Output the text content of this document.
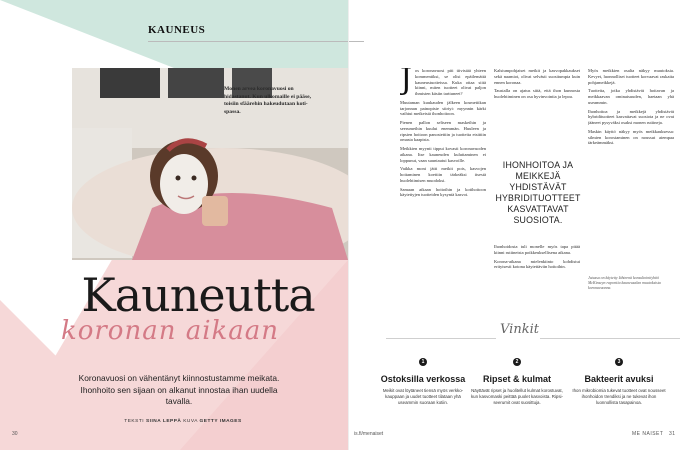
KAUNEUS
Monen arvea koronavuosi on hidastanut. Kun ulkomaille ei pääse, toisiin sfäärehin hakeudutaan koti-spassa.
Kauneutta
koronan aikaan
Koronavuosi on vähentänyt kiinnostustamme meikata. Ihonhoito sen sijaan on alkanut innostaa ihan uudella tavalla.
TEKSTI SIINA LEPPÄ KUVA GETTY IMAGES
30
J os koronavuosi piti tiivistää yhteen kommentiksi, se olisi epäilemättä kauneustuotteissa. Kuka ottaa siitä kiinni, miten tuotteet olivat paljon ihmisten käsiin tarttuneet?

Muutaman kuukauden jälkeen kosmetiikan tarjonnan painopiste siirtyi: myynnin kärki vaihtui meikeistä ihonhoitoon.

Pienen pallon seliseen maskeihin ja seerumeihin kuului enemmän. Huuleen ja ripsien hoitoon panostettiin ja tuotteita etsittiin omasta kaapista.

Meikkien myynti tippui kovasti koronavuoden aikana. Itse kauneuden kuluttaminen ei loppunut, vaan suuntautui kasvoille.

Vaikka moni jätti meikit pois, kasvojen hoitaminen koettiin tärkeäksi itsestä huolehtimisen muodoksi.

Samaan aikaan hoitoihin ja kotihoitoon käytettyjen tuotteiden kysyntä kasvoi.

Kalsiumpohjaiset meikit ja kasvopakkaukset sekä naamiot, olivat selvästi suositumpia kuin ennen koronaa.

Taustalla on ajatus siitä, että ihon kunnosta huolehtiminen on osa hyvinvointia ja lepoa.

IHONHOITOA JA MEIKKEJÄ YHDISTÄVÄT HYBRIDITUOTTEET KASVATTAVAT SUOSIOTA.

Ihonhoidosta tuli monelle myös tapa pitää kiinni rutiineista poikkeuksellisena aikana.

Korona-aikana mielenkiinto kohdistui erityisesti kotona käytettäviin hoitoihin.

Myös meikkien osalta näkyy muutoksia. Kevyet, luonnolliset tuotteet korvaavat raskaita pohjameikkejä.

Tuotteita, jotka yhdistävät hoitavan ja meikkaavan ominaisuuden, haetaan yhä useammin.

Ihonhoitoa ja meikkejä yhdistävät hybridituotteet kasvattavat suosiota ja ne ovat jääneet pysyväksi osaksi monen rutiineja.

Maskin käyttö näkyy myös meikkauksessa: silmien korostaminen on noussut aiempaa tärkeämmäksi.

Jutussa on käytetty lähteenä konsultointiyhtiö McKinseyn raporttia kauneusalan muutoksista koronavuonna.
Vinkit
1
Ostoksilla verkossa
Meikit ovat löytäneet tiensä myös verkkokauppaan ja uudet tuotteet tilataan yhä useammin suoraan kotiin.
2
Ripset & kulmat
Näyttävät ripset ja huolitellut kulmat korostuvat, kun kasvomaski peittää puolet kasvoista. Ripsiseerumit ovat suosittuja.
3
Bakteerit avuksi
Ihon mikrobiomia tukevat tuotteet ovat nousseet ihonhoidon trendiksi ja ne tukevat ihon luonnollista tasapainoa.
is.fi/menaiset	ME NAISET 31
